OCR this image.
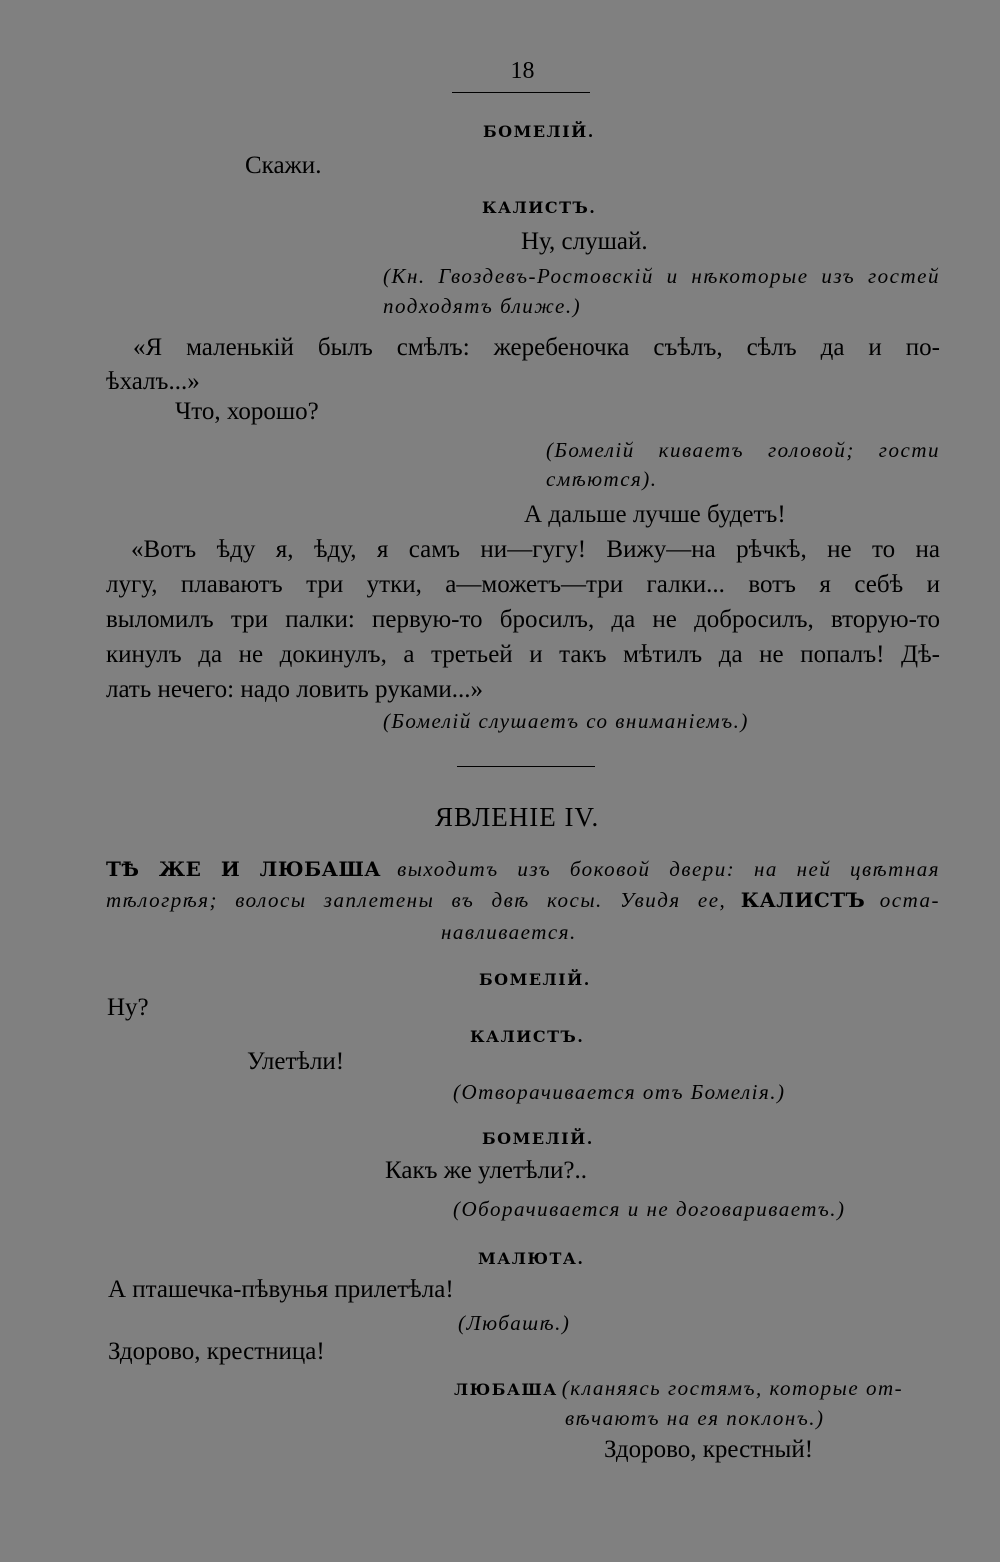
18
БОМЕЛІЙ.
Скажи.
КАЛИСТЪ.
Ну, слушай.
(Кн. Гвоздевъ-Ростовскій и нѣкоторые изъ гостей
подходятъ ближе.)
«Я маленькій былъ смѣлъ: жеребеночка съѣлъ, сѣлъ да и по-
ѣхалъ...»
Что, хорошо?
(Бомелій киваетъ головой; гости
смѣются).
А дальше лучше будетъ!
«Вотъ ѣду я, ѣду, я самъ ни—гугу! Вижу—на рѣчкѣ, не то на
лугу, плаваютъ три утки, а—можетъ—три галки... вотъ я себѣ и
выломилъ три палки: первую-то бросилъ, да не добросилъ, вторую-то
кинулъ да не докинулъ, а третьей и такъ мѣтилъ да не попалъ! Дѣ-
лать нечего: надо ловить руками...»
(Бомелій слушаетъ со вниманіемъ.)
ЯВЛЕНІЕ IV.
ТѢ ЖЕ И ЛЮБАША выходитъ изъ боковой двери: на ней цвѣтная
тѣлогрѣя; волосы заплетены въ двѣ косы. Увидя ее, КАЛИСТЪ оста-
навливается.
БОМЕЛІЙ.
Ну?
КАЛИСТЪ.
Улетѣли!
(Отворачивается отъ Бомелія.)
БОМЕЛІЙ.
Какъ же улетѣли?..
(Оборачивается и не договариваетъ.)
МАЛЮТА.
А пташечка-пѣвунья прилетѣла!
(Любашѣ.)
Здорово, крестница!
ЛЮБАША (кланяясь гостямъ, которые от-
вѣчаютъ на ея поклонъ.)
Здорово, крестный!
